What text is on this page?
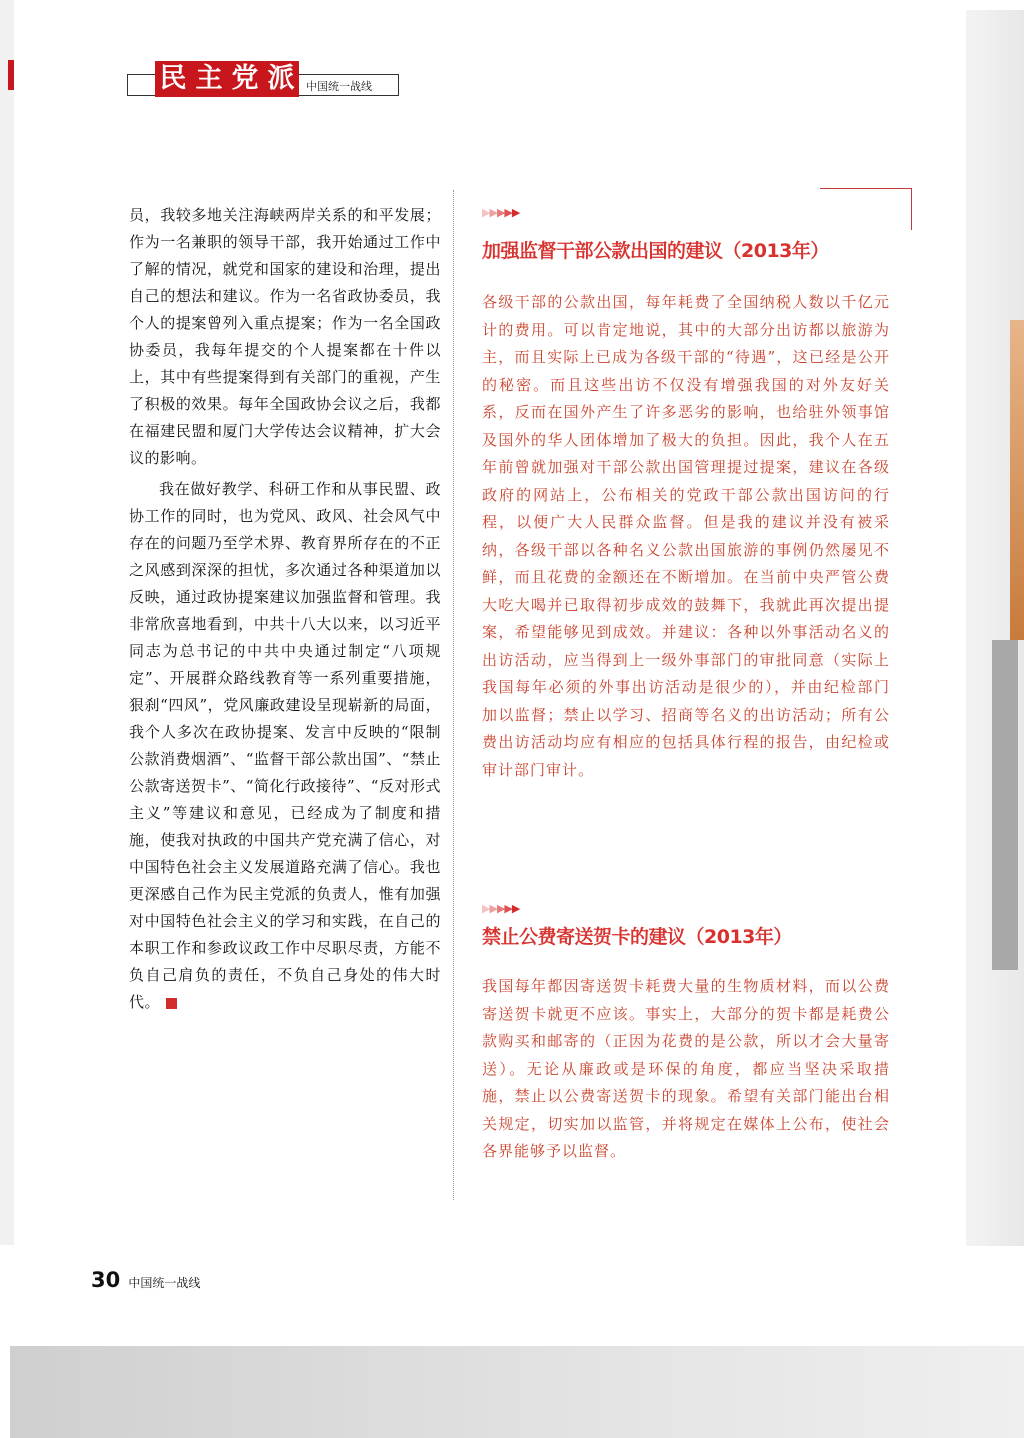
民 主 党 派	中国统一战线

员，我较多地关注海峡两岸关系的和平发展；作为一名兼职的领导干部，我开始通过工作中了解的情况，就党和国家的建设和治理，提出自己的想法和建议。作为一名省政协委员，我个人的提案曾列入重点提案；作为一名全国政协委员，我每年提交的个人提案都在十件以上，其中有些提案得到有关部门的重视，产生了积极的效果。每年全国政协会议之后，我都在福建民盟和厦门大学传达会议精神，扩大会议的影响。

我在做好教学、科研工作和从事民盟、政协工作的同时，也为党风、政风、社会风气中存在的问题乃至学术界、教育界所存在的不正之风感到深深的担忧，多次通过各种渠道加以反映，通过政协提案建议加强监督和管理。我非常欣喜地看到，中共十八大以来，以习近平同志为总书记的中共中央通过制定“八项规定”、开展群众路线教育等一系列重要措施，狠刹“四风”，党风廉政建设呈现崭新的局面，我个人多次在政协提案、发言中反映的“限制公款消费烟酒”、“监督干部公款出国”、“禁止公款寄送贺卡”、“简化行政接待”、“反对形式主义”等建议和意见，已经成为了制度和措施，使我对执政的中国共产党充满了信心，对中国特色社会主义发展道路充满了信心。我也更深感自己作为民主党派的负责人，惟有加强对中国特色社会主义的学习和实践，在自己的本职工作和参政议政工作中尽职尽责，方能不负自己肩负的责任，不负自己身处的伟大时代。

▶▶▶▶▶
加强监督干部公款出国的建议（2013年）

各级干部的公款出国，每年耗费了全国纳税人数以千亿元计的费用。可以肯定地说，其中的大部分出访都以旅游为主，而且实际上已成为各级干部的“待遇”，这已经是公开的秘密。而且这些出访不仅没有增强我国的对外友好关系，反而在国外产生了许多恶劣的影响，也给驻外领事馆及国外的华人团体增加了极大的负担。因此，我个人在五年前曾就加强对干部公款出国管理提过提案，建议在各级政府的网站上，公布相关的党政干部公款出国访问的行程，以便广大人民群众监督。但是我的建议并没有被采纳，各级干部以各种名义公款出国旅游的事例仍然屡见不鲜，而且花费的金额还在不断增加。在当前中央严管公费大吃大喝并已取得初步成效的鼓舞下，我就此再次提出提案，希望能够见到成效。并建议：各种以外事活动名义的出访活动，应当得到上一级外事部门的审批同意（实际上我国每年必须的外事出访活动是很少的），并由纪检部门加以监督；禁止以学习、招商等名义的出访活动；所有公费出访活动均应有相应的包括具体行程的报告，由纪检或审计部门审计。

▶▶▶▶▶
禁止公费寄送贺卡的建议（2013年）

我国每年都因寄送贺卡耗费大量的生物质材料，而以公费寄送贺卡就更不应该。事实上，大部分的贺卡都是耗费公款购买和邮寄的（正因为花费的是公款，所以才会大量寄送）。无论从廉政或是环保的角度，都应当坚决采取措施，禁止以公费寄送贺卡的现象。希望有关部门能出台相关规定，切实加以监管，并将规定在媒体上公布，使社会各界能够予以监督。

30 中国统一战线
